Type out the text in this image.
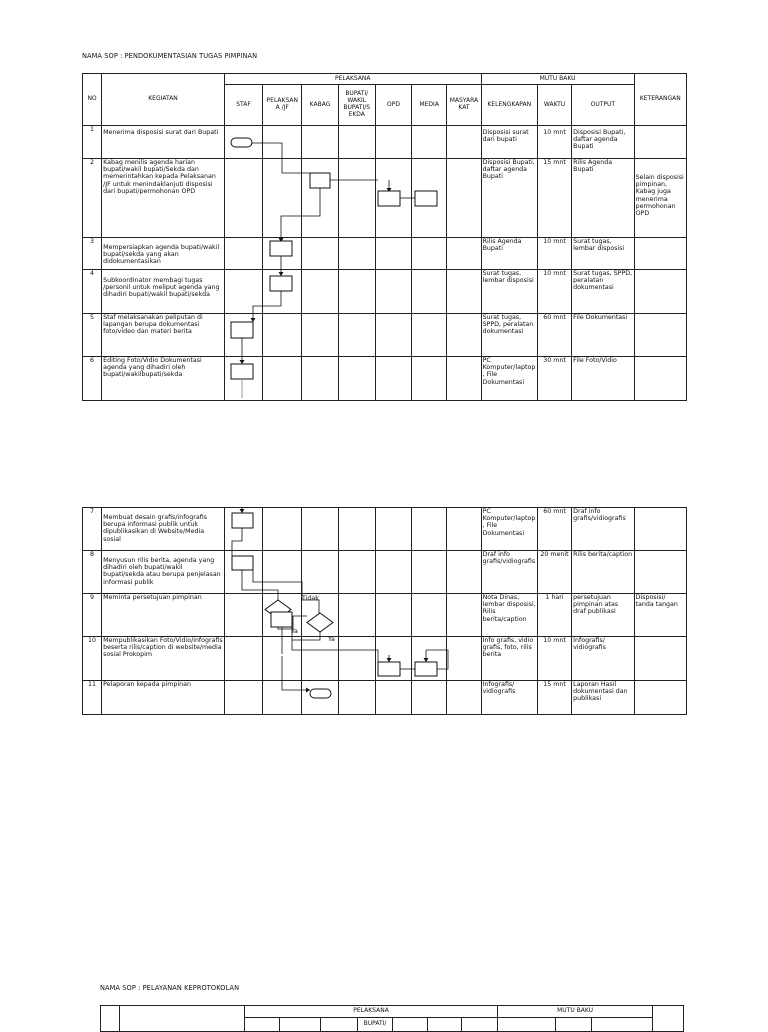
NAMA SOP : PENDOKUMENTASIAN TUGAS PIMPINAN
NO	KEGIATAN	PELAKSANA							MUTU BAKU			KETERANGAN
		STAF	PELAKSAN A /JF	KABAG	BUPATI/ WAKIL BUPATI/S EKDA	OPD	MEDIA	MASYARA KAT	KELENGKAPAN	WAKTU	OUTPUT	
1	Menerima disposisi surat dari Bupati								Disposisi surat dari bupati	10 mnt	Disposisi Bupati, daftar agenda Bupati	

2	Kabag menilis agenda harian bupati/wakil bupati/Sekda dan memerintahkan kepada Pelaksanan /JF untuk menindaklanjuti disposisi dari bupati/permohonan OPD								Disposisi Bupati, daftar agenda Bupati	15 mnt	Rilis Agenda Bupati	Selain disposisi pimpinan, Kabag juga menerima permohonan OPD

3	Mempersiapkan agenda bupati/wakil bupati/sekda yang akan didokumentasikan								Rilis Agenda Bupati	10 mnt	Surat tugas, lembar disposisi	
4	Subkoordinator membagi tugas /personil untuk meliput agenda yang dihadiri bupati/wakil bupati/sekda								Surat tugas, lembar disposisi	10 mnt	Surat tugas, SPPD, peralatan dokumentasi	
5	Staf melaksanakan peliputan di lapangan berupa dokumentasi foto/video dan materi berita								Surat tugas, SPPD, peralatan dokumentasi	60 mnt	File Dokumentasi	
6	Editing Foto/Vidio Dokumentasi agenda yang dihadiri oleh bupati/wakilbupati/sekda								PC Komputer/laptop , File Dokumentasi	30 mnt	File Foto/Vidio	
7	Membuat desain grafis/infografis berupa informasi publik untuk dipublikasikan di Website/Media sosial								PC Komputer/laptop , File Dokumentasi	60 mnt	Draf info grafis/vidiografis	
8	Menyusun rilis berita, agenda yang dihadiri oleh bupati/wakil bupati/sekda atau berupa penjelasan informasi publik								Draf info grafis/vidiografis	20 menit	Rilis berita/caption	
9	Meminta persetujuan pimpinan								Nota Dinas, lembar disposisi, Rilis berita/caption	1 hari	persetujuan pimpinan atas draf publikasi	Disposisi/ tanda tangan
10	Mempublikasikan Foto/Vidio/infografis beserta rilis/caption di website/media sosial Prokopim								Info grafis, vidio grafis, foto, rilis berita	10 mnt	Infografis/ vidiografis	
11	Pelaporan kepada pimpinan								Infografis/ vidiografis	15 mnt	Laporan Hasil dokumentasi dan publikasi	
Tidak
Ya
Ya
NAMA SOP : PELAYANAN KEPROTOKOLAN
		PELAKSANA							MUTU BAKU			
					BUPATI/							
